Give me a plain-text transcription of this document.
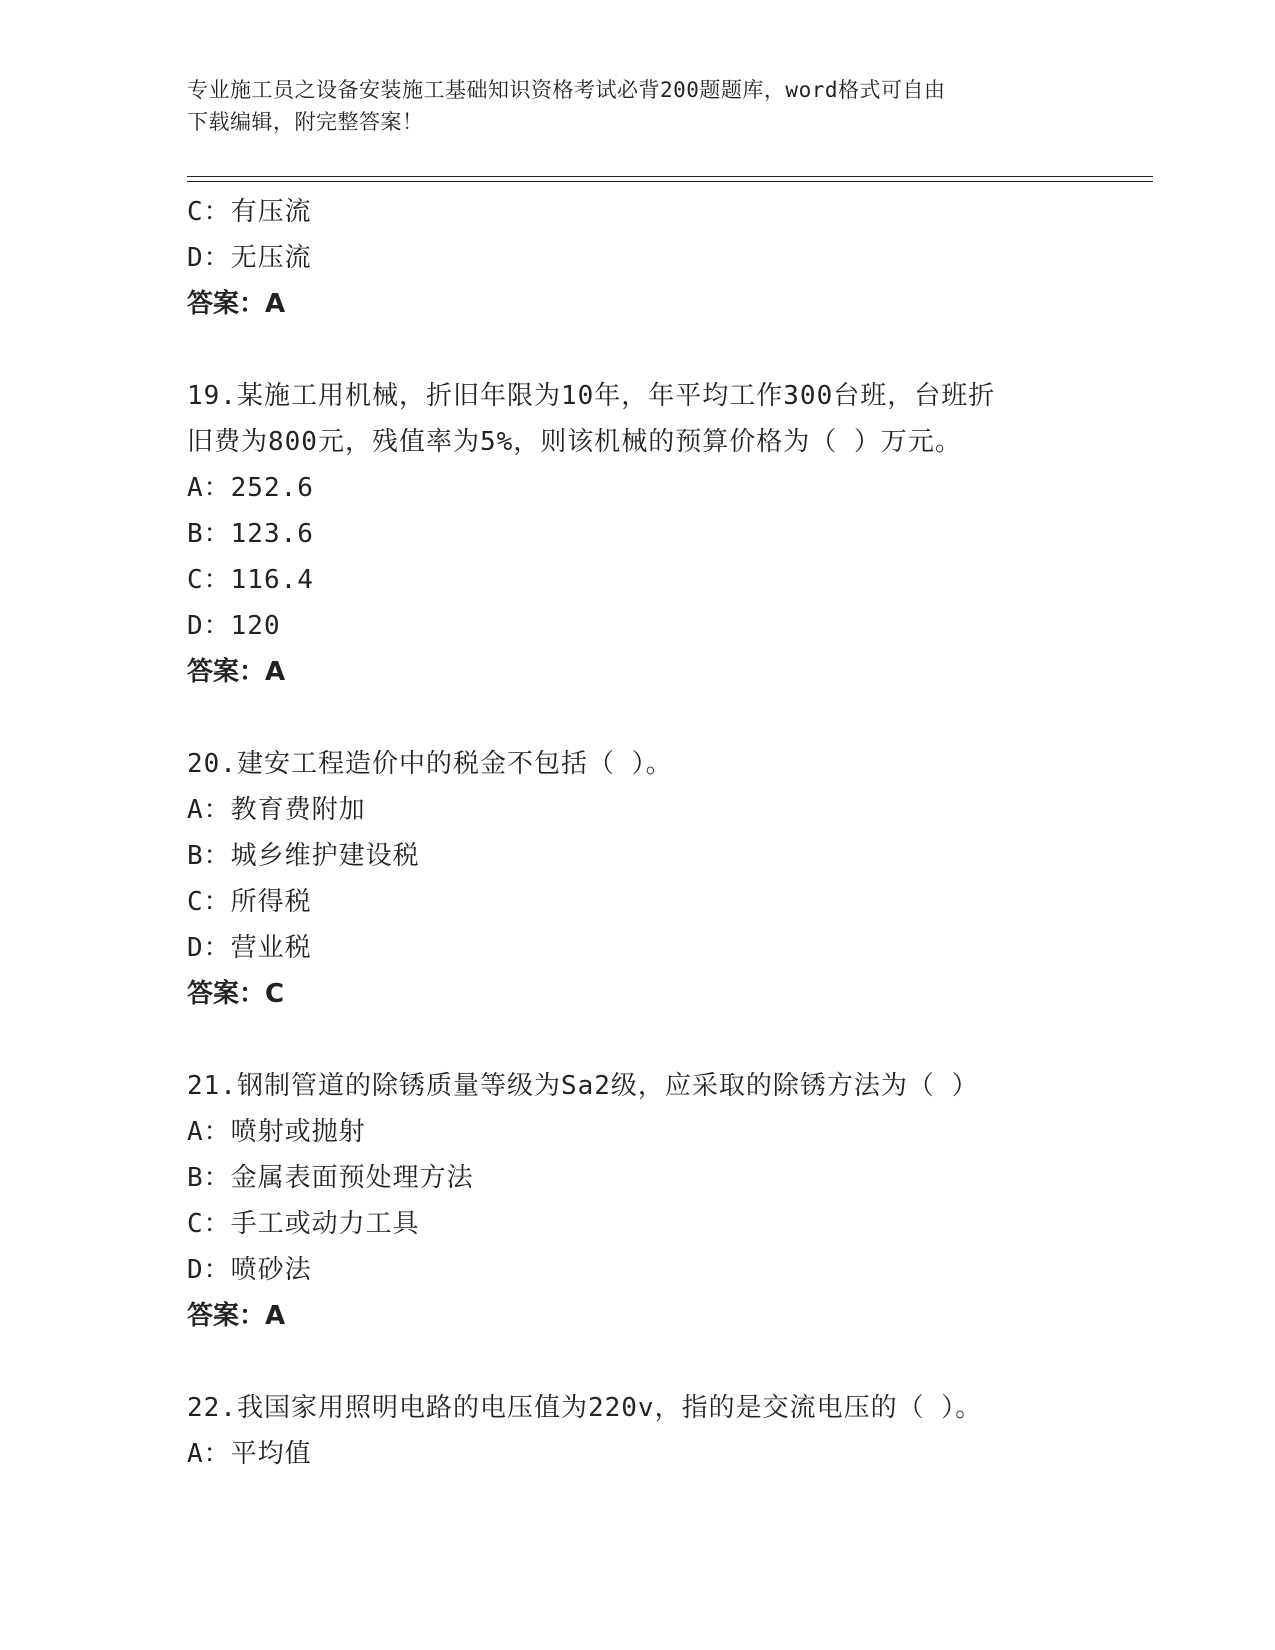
专业施工员之设备安装施工基础知识资格考试必背200题题库，word格式可自由
下载编辑，附完整答案！
C：有压流
D：无压流
答案：A
19.某施工用机械，折旧年限为10年，年平均工作300台班，台班折
旧费为800元，残值率为5%，则该机械的预算价格为（ ）万元。
A：252.6
B：123.6
C：116.4
D：120
答案：A
20.建安工程造价中的税金不包括（ ）。
A：教育费附加
B：城乡维护建设税
C：所得税
D：营业税
答案：C
21.钢制管道的除锈质量等级为Sa2级，应采取的除锈方法为（ ）
A：喷射或抛射
B：金属表面预处理方法
C：手工或动力工具
D：喷砂法
答案：A
22.我国家用照明电路的电压值为220v，指的是交流电压的（ ）。
A：平均值
